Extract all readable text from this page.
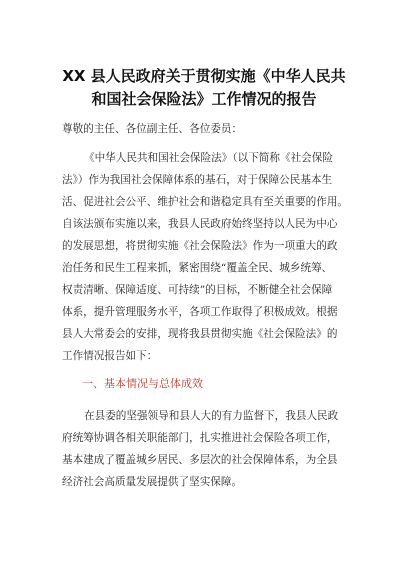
XX 县人民政府关于贯彻实施《中华人民共
和国社会保险法》工作情况的报告
尊敬的主任、各位副主任、各位委员：
《中华人民共和国社会保险法》（以下简称《社会保险
法》）作为我国社会保障体系的基石，对于保障公民基本生
活、促进社会公平、维护社会和谐稳定具有至关重要的作用。
自该法颁布实施以来，我县人民政府始终坚持以人民为中心
的发展思想，将贯彻实施《社会保险法》作为一项重大的政
治任务和民生工程来抓，紧密围绕“覆盖全民、城乡统筹、
权责清晰、保障适度、可持续”的目标，不断健全社会保障
体系，提升管理服务水平，各项工作取得了积极成效。根据
县人大常委会的安排，现将我县贯彻实施《社会保险法》的
工作情况报告如下：
一、基本情况与总体成效
在县委的坚强领导和县人大的有力监督下，我县人民政
府统筹协调各相关职能部门，扎实推进社会保险各项工作，
基本建成了覆盖城乡居民、多层次的社会保障体系，为全县
经济社会高质量发展提供了坚实保障。
